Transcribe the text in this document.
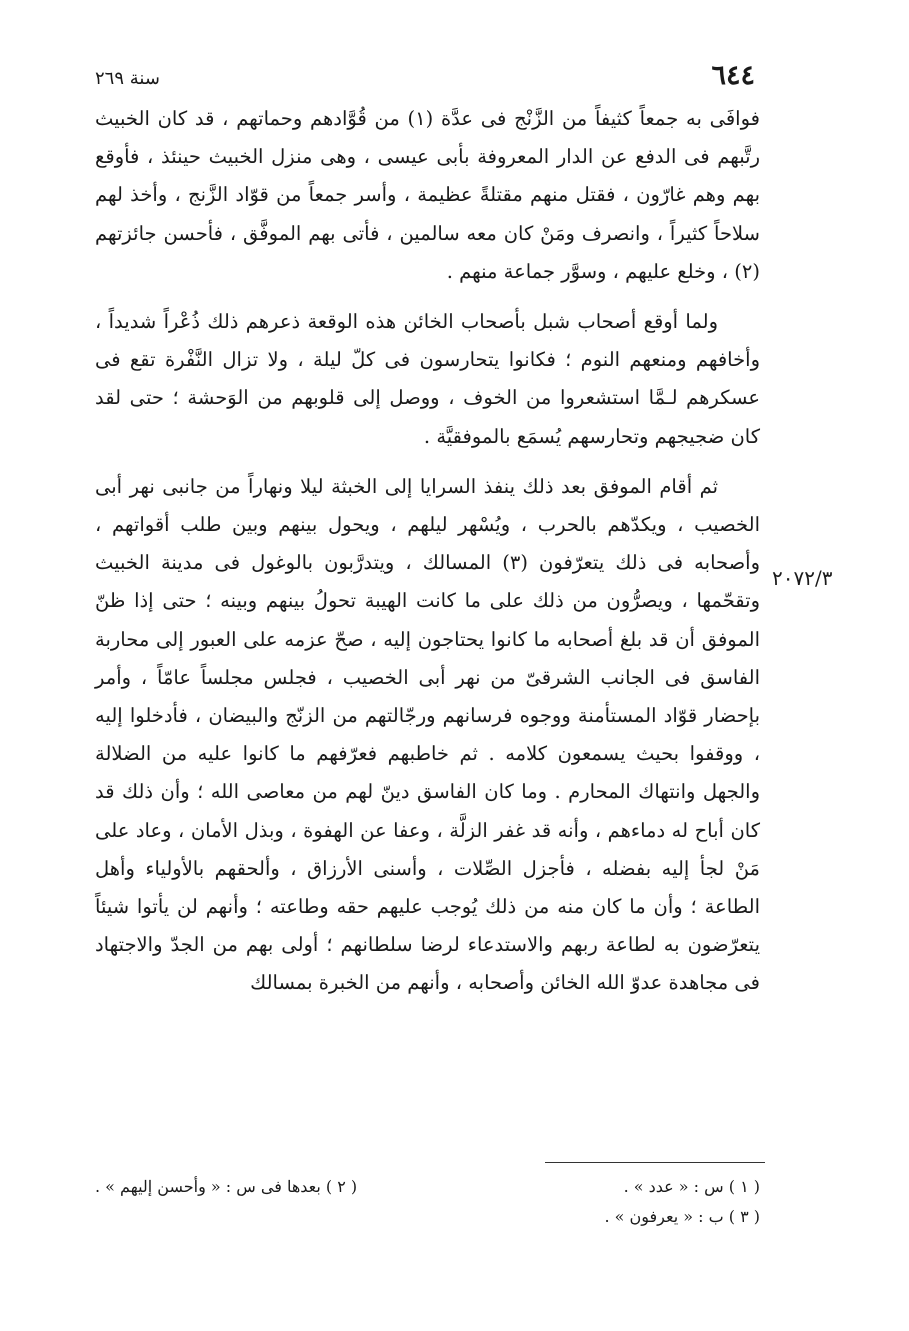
٦٤٤
سنة ٢٦٩
٢٠٧٢/٣

فوافَى به جمعاً كثيفاً من الزَّنْج فى عدَّة (١) من قُوَّادهم وحماتهم ، قد كان الخبيث رتَّبهم فى الدفع عن الدار المعروفة بأبى عيسى ، وهى منزل الخبيث حينئذ ، فأوقع بهم وهم غارّون ، فقتل منهم مقتلةً عظيمة ، وأسر جمعاً من قوّاد الزَّنج ، وأخذ لهم سلاحاً كثيراً ، وانصرف ومَنْ كان معه سالمين ، فأتى بهم الموفَّق ، فأحسن جائزتهم (٢) ، وخلع عليهم ، وسوَّر جماعة منهم .

ولما أوقع أصحاب شبل بأصحاب الخائن هذه الوقعة ذعرهم ذلك ذُعْراً شديداً ، وأخافهم ومنعهم النوم ؛ فكانوا يتحارسون فى كلّ ليلة ، ولا تزال النَّفْرة تقع فى عسكرهم لـمَّا استشعروا من الخوف ، ووصل إلى قلوبهم من الوَحشة ؛ حتى لقد كان ضجيجهم وتحارسهم يُسمَع بالموفقيَّة .

ثم أقام الموفق بعد ذلك ينفذ السرايا إلى الخبثة ليلا ونهاراً من جانبى نهر أبى الخصيب ، ويكدّهم بالحرب ، ويُسْهر ليلهم ، ويحول بينهم وبين طلب أقواتهم ، وأصحابه فى ذلك يتعرّفون (٣) المسالك ، ويتدرَّبون بالوغول فى مدينة الخبيث وتقحّمها ، ويصرُّون من ذلك على ما كانت الهيبة تحولُ بينهم وبينه ؛ حتى إذا ظنّ الموفق أن قد بلغ أصحابه ما كانوا يحتاجون إليه ، صحّ عزمه على العبور إلى محاربة الفاسق فى الجانب الشرقىّ من نهر أبى الخصيب ، فجلس مجلساً عامّاً ، وأمر بإحضار قوّاد المستأمنة ووجوه فرسانهم ورجّالتهم من الزنّج والبيضان ، فأدخلوا إليه ، ووقفوا بحيث يسمعون كلامه . ثم خاطبهم فعرّفهم ما كانوا عليه من الضلالة والجهل وانتهاك المحارم . وما كان الفاسق دينّ لهم من معاصى الله ؛ وأن ذلك قد كان أباح له دماءهم ، وأنه قد غفر الزلَّة ، وعفا عن الهفوة ، وبذل الأمان ، وعاد على مَنْ لجأ إليه بفضله ، فأجزل الصِّلات ، وأسنى الأرزاق ، وألحقهم بالأولياء وأهل الطاعة ؛ وأن ما كان منه من ذلك يُوجب عليهم حقه وطاعته ؛ وأنهم لن يأتوا شيئاً يتعرّضون به لطاعة ربهم والاستدعاء لرضا سلطانهم ؛ أولى بهم من الجدّ والاجتهاد فى مجاهدة عدوّ الله الخائن وأصحابه ، وأنهم من الخبرة بمسالك

( ١ ) س : « عدد » .
( ٢ ) بعدها فى س : « وأحسن إليهم » .
( ٣ ) ب : « يعرفون » .
